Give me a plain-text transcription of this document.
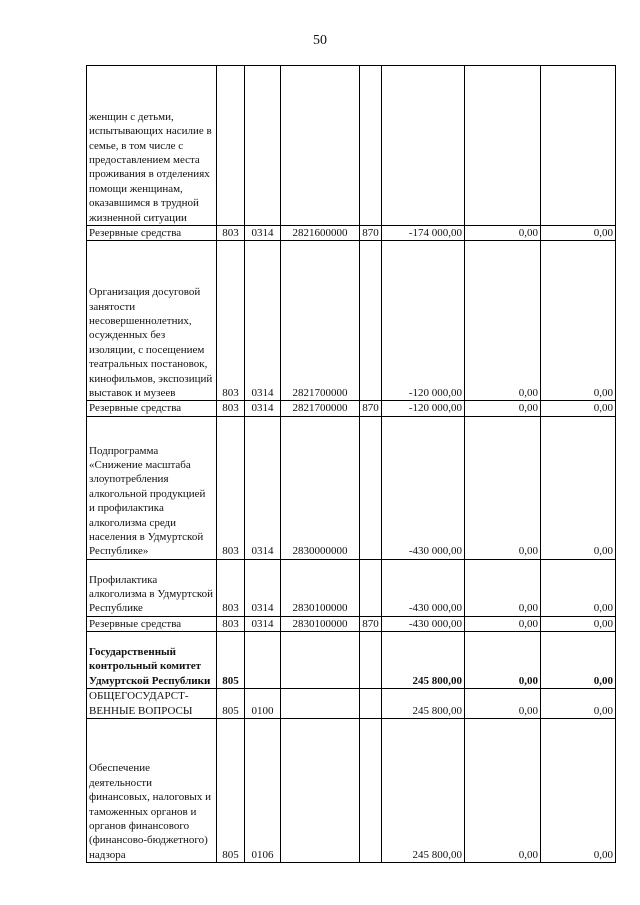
50
женщин с детьми, испытывающих насилие в семье, в том числе с предоставлением места проживания в отделениях помощи женщинам, оказавшимся в трудной жизненной ситуации							
Резервные средства	803	0314	2821600000	870	-174 000,00	0,00	0,00
Организация досуговой занятости несовершеннолетних, осужденных без изоляции, с посещением театральных постановок, кинофильмов, экспозиций выставок и музеев	803	0314	2821700000		-120 000,00	0,00	0,00
Резервные средства	803	0314	2821700000	870	-120 000,00	0,00	0,00
Подпрограмма «Снижение масштаба злоупотребления алкогольной продукцией и профилактика алкоголизма среди населения в Удмуртской Республике»	803	0314	2830000000		-430 000,00	0,00	0,00
Профилактика алкоголизма в Удмуртской Республике	803	0314	2830100000		-430 000,00	0,00	0,00
Резервные средства	803	0314	2830100000	870	-430 000,00	0,00	0,00
Государственный контрольный комитет Удмуртской Республики	805				245 800,00	0,00	0,00
ОБЩЕГОСУДАРСТ-ВЕННЫЕ ВОПРОСЫ	805	0100			245 800,00	0,00	0,00
Обеспечение деятельности финансовых, налоговых и таможенных органов и органов финансового (финансово-бюджетного) надзора	805	0106			245 800,00	0,00	0,00
